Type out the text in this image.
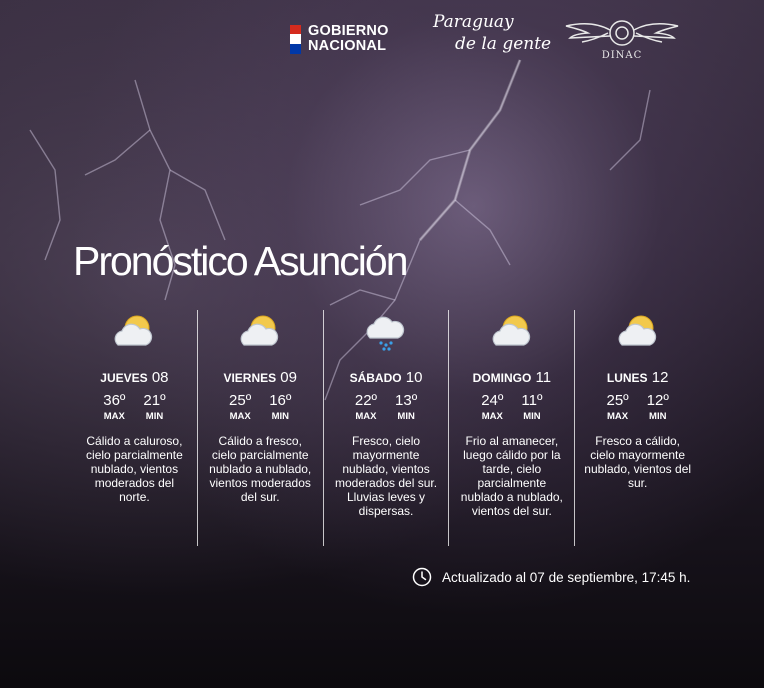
GOBIERNO
NACIONAL
Paraguay
de la gente
DINAC
Pronóstico Asunción
JUEVES 08
36º
MAX
21º
MIN
Cálido a caluroso, cielo parcialmente nublado, vientos moderados del norte.
VIERNES 09
25º
MAX
16º
MIN
Cálido a fresco, cielo parcialmente nublado a nublado, vientos moderados del sur.
SÁBADO 10
22º
MAX
13º
MIN
Fresco, cielo mayormente nublado, vientos moderados del sur. Lluvias leves y dispersas.
DOMINGO 11
24º
MAX
11º
MIN
Frio al amanecer, luego cálido por la tarde, cielo parcialmente nublado a nublado, vientos del sur.
LUNES 12
25º
MAX
12º
MIN
Fresco a cálido, cielo mayormente nublado, vientos del sur.
Actualizado al 07 de septiembre, 17:45 h.
